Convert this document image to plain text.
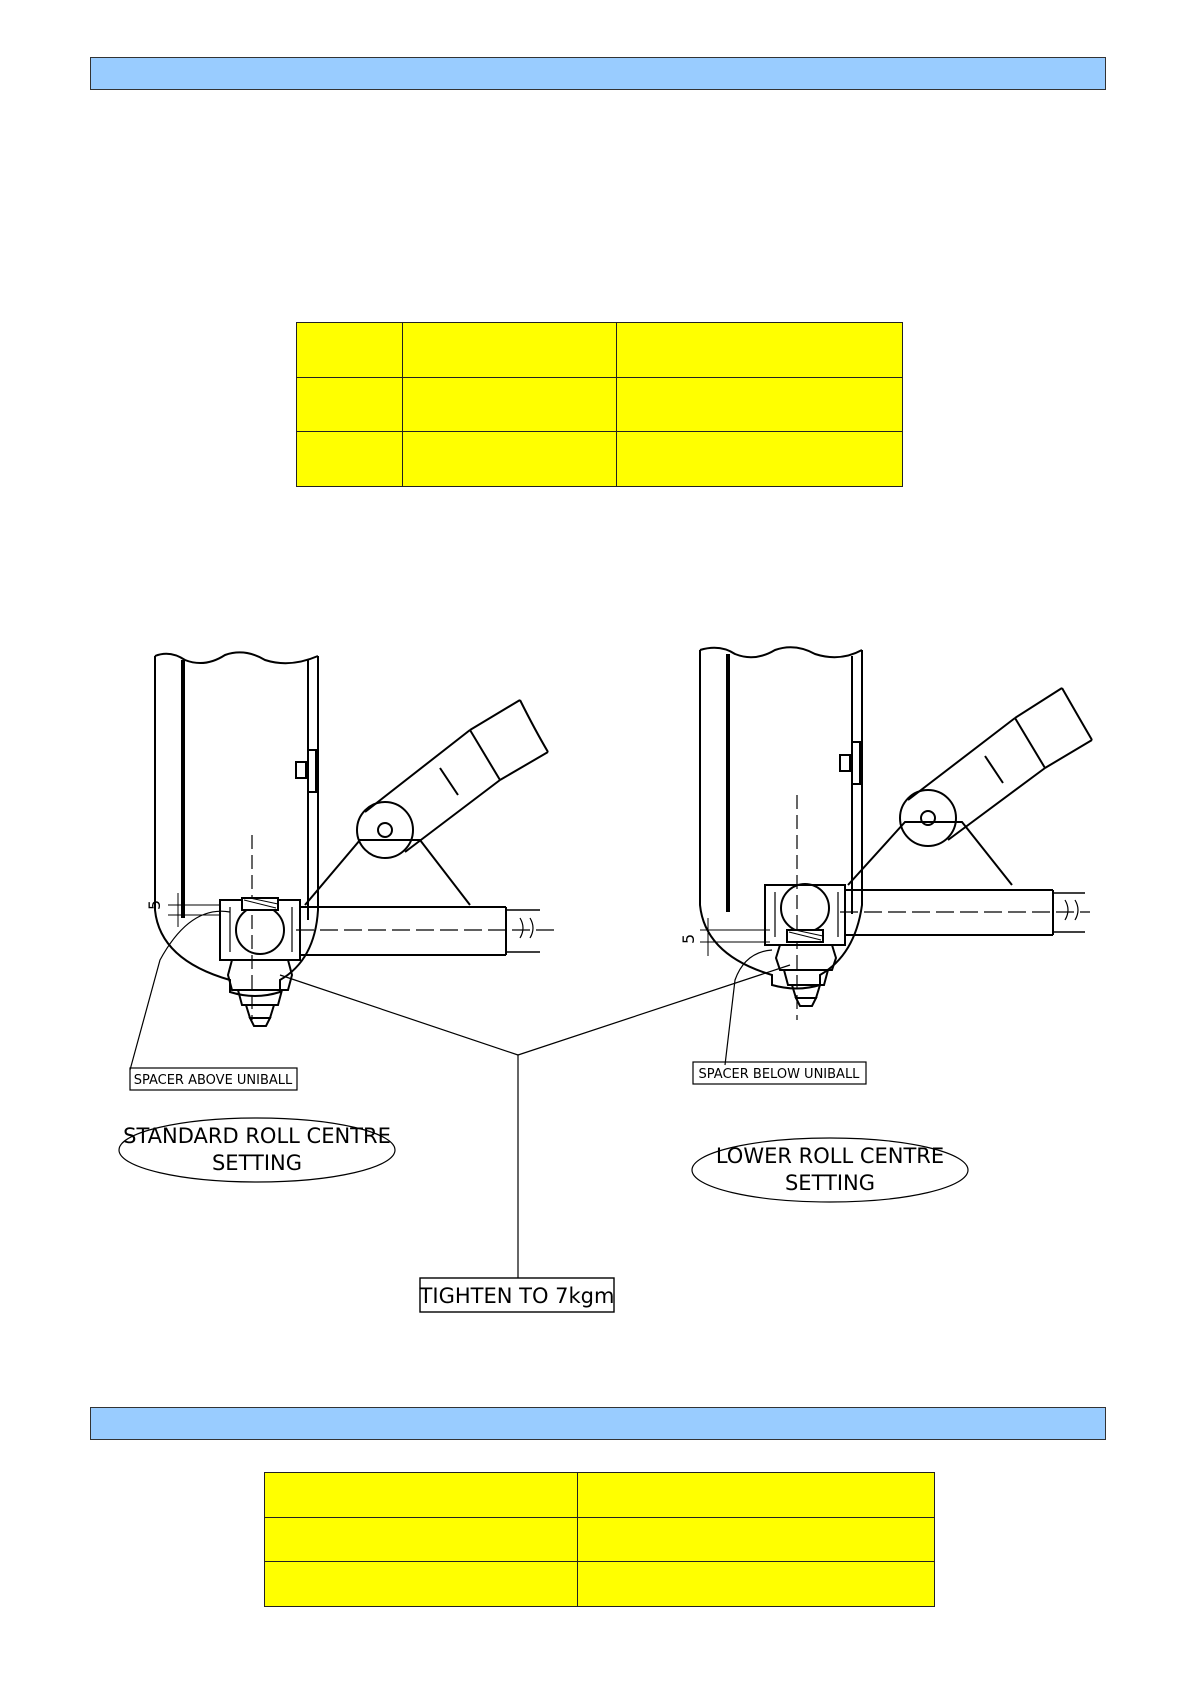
SPACER ABOVE UNIBALL	SPACER BELOW UNIBALL
STANDARD ROLL CENTRE
SETTING	LOWER ROLL CENTRE
SETTING
TIGHTEN TO 7kgm
5
5
